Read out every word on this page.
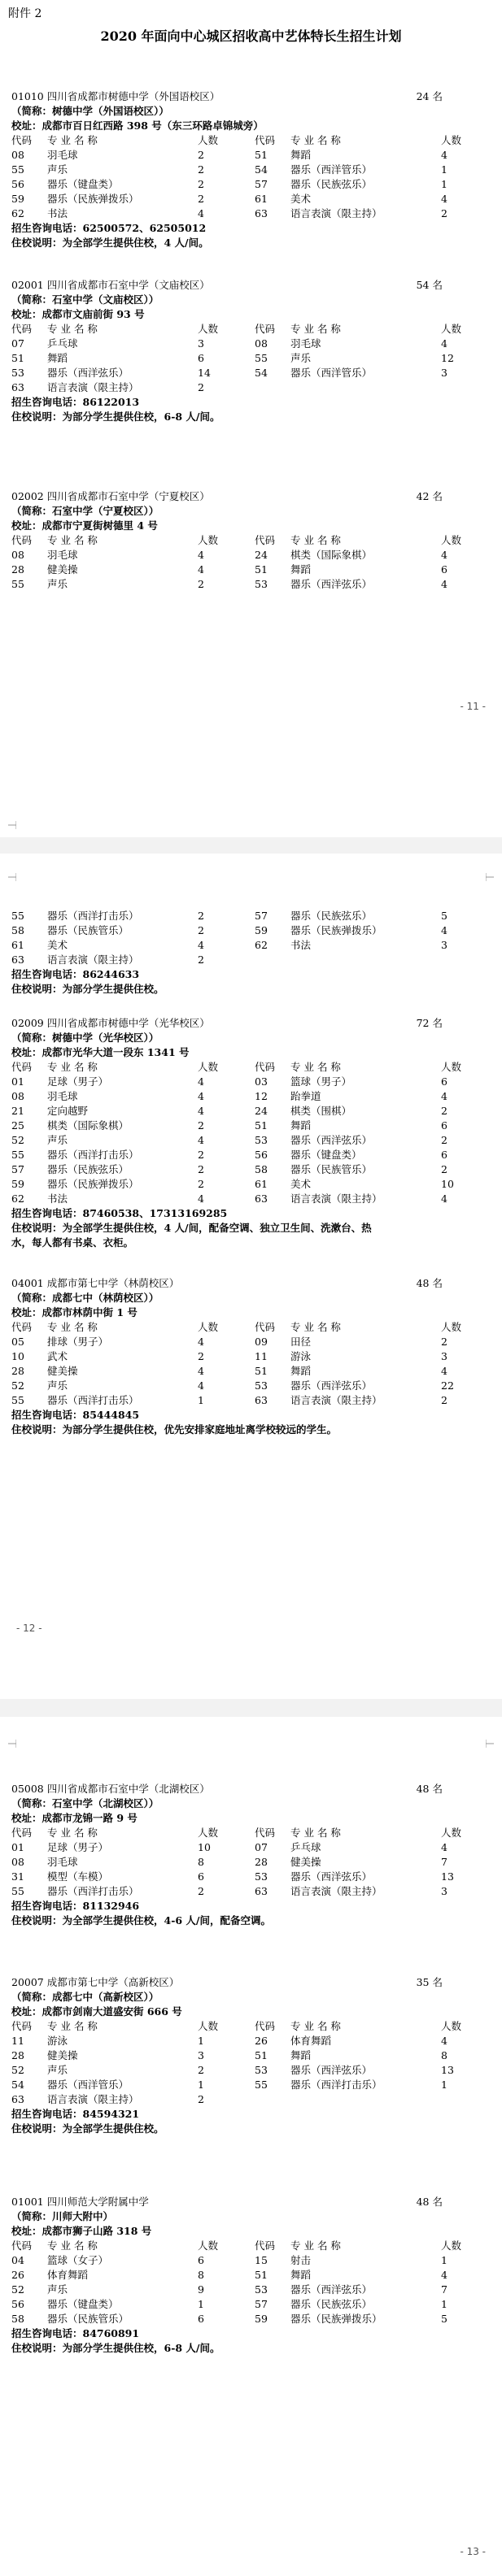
附件 2
2020 年面向中心城区招收高中艺体特长生招生计划
01010 四川省成都市树德中学（外国语校区）	24 名
（简称：树德中学（外国语校区））
校址：成都市百日红西路 398 号（东三环路卓锦城旁）
代码	专 业 名 称	人数	代码	专 业 名 称	人数
08	羽毛球	2	51	舞蹈	4
55	声乐	2	54	器乐（西洋管乐）	1
56	器乐（键盘类）	2	57	器乐（民族弦乐）	1
59	器乐（民族弹拨乐）	2	61	美术	4
62	书法	4	63	语言表演（限主持）	2
招生咨询电话：62500572、62505012
住校说明：为全部学生提供住校，4 人/间。
02001 四川省成都市石室中学（文庙校区）	54 名
（简称：石室中学（文庙校区））
校址：成都市文庙前街 93 号
代码	专 业 名 称	人数	代码	专 业 名 称	人数
07	乒乓球	3	08	羽毛球	4
51	舞蹈	6	55	声乐	12
53	器乐（西洋弦乐）	14	54	器乐（西洋管乐）	3
63	语言表演（限主持）	2
招生咨询电话：86122013
住校说明：为部分学生提供住校，6-8 人/间。
02002 四川省成都市石室中学（宁夏校区）	42 名
（简称：石室中学（宁夏校区））
校址：成都市宁夏街树德里 4 号
代码	专 业 名 称	人数	代码	专 业 名 称	人数
08	羽毛球	4	24	棋类（国际象棋）	4
28	健美操	4	51	舞蹈	6
55	声乐	2	53	器乐（西洋弦乐）	4
- 11 -
55	器乐（西洋打击乐）	2	57	器乐（民族弦乐）	5
58	器乐（民族管乐）	2	59	器乐（民族弹拨乐）	4
61	美术	4	62	书法	3
63	语言表演（限主持）	2
招生咨询电话：86244633
住校说明：为部分学生提供住校。
02009 四川省成都市树德中学（光华校区）	72 名
（简称：树德中学（光华校区））
校址：成都市光华大道一段东 1341 号
代码	专 业 名 称	人数	代码	专 业 名 称	人数
01	足球（男子）	4	03	篮球（男子）	6
08	羽毛球	4	12	跆拳道	4
21	定向越野	4	24	棋类（围棋）	2
25	棋类（国际象棋）	2	51	舞蹈	6
52	声乐	4	53	器乐（西洋弦乐）	2
55	器乐（西洋打击乐）	2	56	器乐（键盘类）	6
57	器乐（民族弦乐）	2	58	器乐（民族管乐）	2
59	器乐（民族弹拨乐）	2	61	美术	10
62	书法	4	63	语言表演（限主持）	4
招生咨询电话：87460538、17313169285
住校说明：为全部学生提供住校，4 人/间，配备空调、独立卫生间、洗漱台、热
水，每人都有书桌、衣柜。
04001 成都市第七中学（林荫校区）	48 名
（简称：成都七中（林荫校区））
校址：成都市林荫中街 1 号
代码	专 业 名 称	人数	代码	专 业 名 称	人数
05	排球（男子）	4	09	田径	2
10	武术	2	11	游泳	3
28	健美操	4	51	舞蹈	4
52	声乐	4	53	器乐（西洋弦乐）	22
55	器乐（西洋打击乐）	1	63	语言表演（限主持）	2
招生咨询电话：85444845
住校说明：为部分学生提供住校，优先安排家庭地址离学校较远的学生。
- 12 -
05008 四川省成都市石室中学（北湖校区）	48 名
（简称：石室中学（北湖校区））
校址：成都市龙锦一路 9 号
代码	专 业 名 称	人数	代码	专 业 名 称	人数
01	足球（男子）	10	07	乒乓球	4
08	羽毛球	8	28	健美操	7
31	模型（车模）	6	53	器乐（西洋弦乐）	13
55	器乐（西洋打击乐）	2	63	语言表演（限主持）	3
招生咨询电话：81132946
住校说明：为全部学生提供住校，4-6 人/间，配备空调。
20007 成都市第七中学（高新校区）	35 名
（简称：成都七中（高新校区））
校址：成都市剑南大道盛安街 666 号
代码	专 业 名 称	人数	代码	专 业 名 称	人数
11	游泳	1	26	体育舞蹈	4
28	健美操	3	51	舞蹈	8
52	声乐	2	53	器乐（西洋弦乐）	13
54	器乐（西洋管乐）	1	55	器乐（西洋打击乐）	1
63	语言表演（限主持）	2
招生咨询电话：84594321
住校说明：为全部学生提供住校。
01001 四川师范大学附属中学	48 名
（简称：川师大附中）
校址：成都市狮子山路 318 号
代码	专 业 名 称	人数	代码	专 业 名 称	人数
04	篮球（女子）	6	15	射击	1
26	体育舞蹈	8	51	舞蹈	4
52	声乐	9	53	器乐（西洋弦乐）	7
56	器乐（键盘类）	1	57	器乐（民族弦乐）	1
58	器乐（民族管乐）	6	59	器乐（民族弹拨乐）	5
招生咨询电话：84760891
住校说明：为部分学生提供住校，6-8 人/间。
- 13 -
